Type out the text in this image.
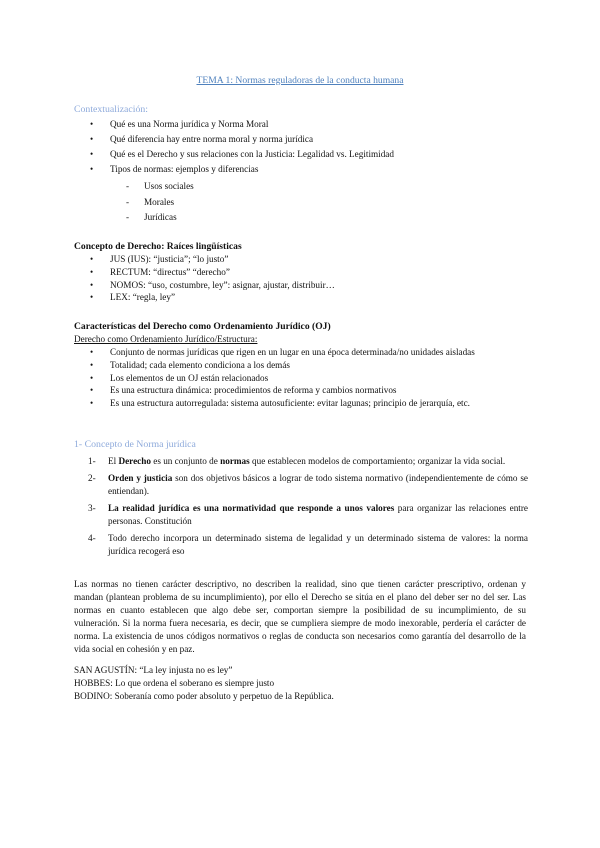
TEMA 1: Normas reguladoras de la conducta humana
Contextualización:
• Qué es una Norma jurídica y Norma Moral
• Qué diferencia hay entre norma moral y norma jurídica
• Qué es el Derecho y sus relaciones con la Justicia: Legalidad vs. Legitimidad
• Tipos de normas: ejemplos y diferencias
- Usos sociales
- Morales
- Jurídicas
Concepto de Derecho: Raíces lingüísticas
• JUS (IUS): “justicia”; “lo justo”
• RECTUM: “directus” “derecho”
• NOMOS: “uso, costumbre, ley”: asignar, ajustar, distribuir…
• LEX: “regla, ley”
Características del Derecho como Ordenamiento Jurídico (OJ)
Derecho como Ordenamiento Jurídico/Estructura:
• Conjunto de normas jurídicas que rigen en un lugar en una época determinada/no unidades aisladas
• Totalidad; cada elemento condiciona a los demás
• Los elementos de un OJ están relacionados
• Es una estructura dinámica: procedimientos de reforma y cambios normativos
• Es una estructura autorregulada: sistema autosuficiente: evitar lagunas; principio de jerarquía, etc.
1- Concepto de Norma jurídica
1- El Derecho es un conjunto de normas que establecen modelos de comportamiento; organizar la vida social.
2- Orden y justicia son dos objetivos básicos a lograr de todo sistema normativo (independientemente de cómo se entiendan).
3- La realidad jurídica es una normatividad que responde a unos valores para organizar las relaciones entre personas. Constitución
4- Todo derecho incorpora un determinado sistema de legalidad y un determinado sistema de valores: la norma jurídica recogerá eso
Las normas no tienen carácter descriptivo, no describen la realidad, sino que tienen carácter prescriptivo, ordenan y mandan (plantean problema de su incumplimiento), por ello el Derecho se sitúa en el plano del deber ser no del ser. Las normas en cuanto establecen que algo debe ser, comportan siempre la posibilidad de su incumplimiento, de su vulneración. Si la norma fuera necesaria, es decir, que se cumpliera siempre de modo inexorable, perdería el carácter de norma. La existencia de unos códigos normativos o reglas de conducta son necesarios como garantía del desarrollo de la vida social en cohesión y en paz.
SAN AGUSTÍN: “La ley injusta no es ley”
HOBBES: Lo que ordena el soberano es siempre justo
BODINO: Soberanía como poder absoluto y perpetuo de la República.
